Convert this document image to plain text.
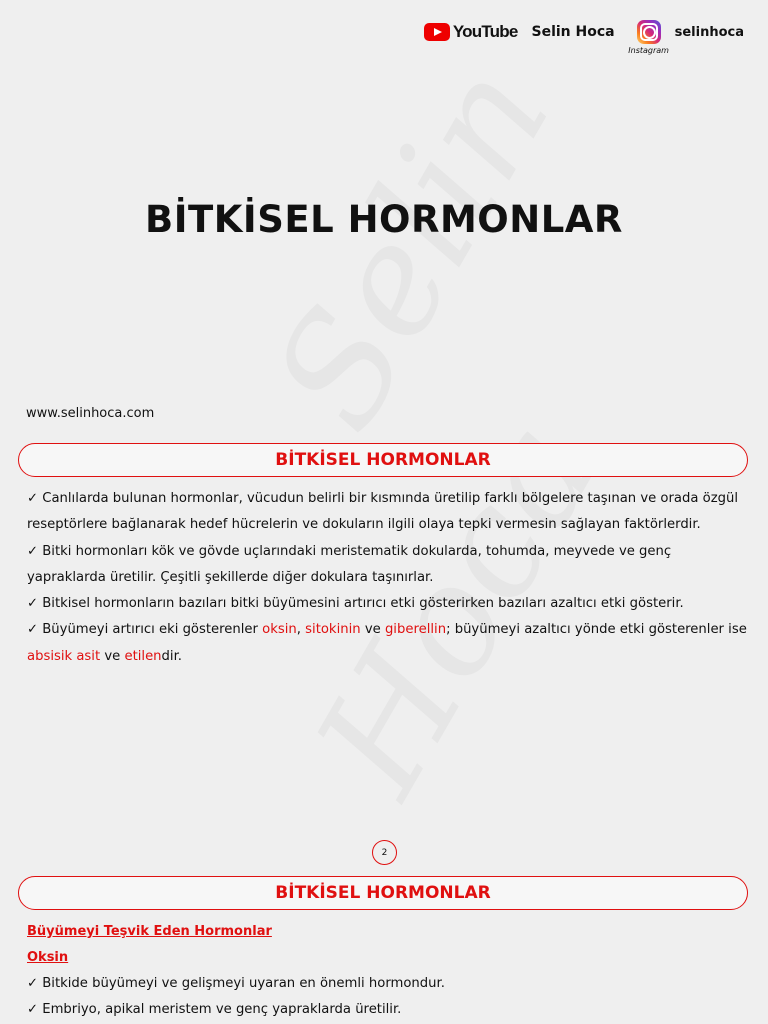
YouTube Selin Hoca
Instagram
selinhoca
BİTKİSEL HORMONLAR
www.selinhoca.com
BİTKİSEL HORMONLAR
✓ Canlılarda bulunan hormonlar, vücudun belirli bir kısmında üretilip farklı bölgelere taşınan ve orada özgül reseptörlere bağlanarak hedef hücrelerin ve dokuların ilgili olaya tepki vermesin sağlayan faktörlerdir.
✓ Bitki hormonları kök ve gövde uçlarındaki meristematik dokularda, tohumda, meyvede ve genç yapraklarda üretilir. Çeşitli şekillerde diğer dokulara taşınırlar.
✓ Bitkisel hormonların bazıları bitki büyümesini artırıcı etki gösterirken bazıları azaltıcı etki gösterir.
✓ Büyümeyi artırıcı eki gösterenler oksin, sitokinin ve giberellin; büyümeyi azaltıcı yönde etki gösterenler ise absisik asit ve etilendir.
2
BİTKİSEL HORMONLAR
Büyümeyi Teşvik Eden Hormonlar
Oksin
✓ Bitkide büyümeyi ve gelişmeyi uyaran en önemli hormondur.
✓ Embriyo, apikal meristem ve genç yapraklarda üretilir.
